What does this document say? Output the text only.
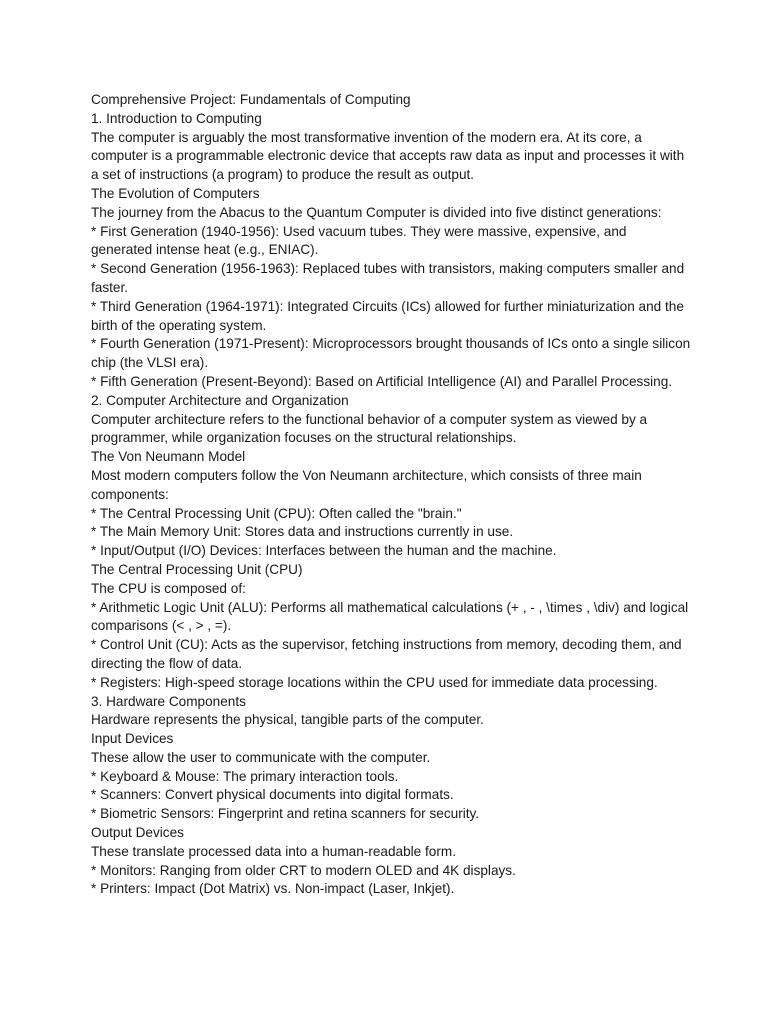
Comprehensive Project: Fundamentals of Computing

1. Introduction to Computing

The computer is arguably the most transformative invention of the modern era. At its core, a computer is a programmable electronic device that accepts raw data as input and processes it with a set of instructions (a program) to produce the result as output.

The Evolution of Computers

The journey from the Abacus to the Quantum Computer is divided into five distinct generations:

* First Generation (1940-1956): Used vacuum tubes. They were massive, expensive, and generated intense heat (e.g., ENIAC).

* Second Generation (1956-1963): Replaced tubes with transistors, making computers smaller and faster.

* Third Generation (1964-1971): Integrated Circuits (ICs) allowed for further miniaturization and the birth of the operating system.

* Fourth Generation (1971-Present): Microprocessors brought thousands of ICs onto a single silicon chip (the VLSI era).

* Fifth Generation (Present-Beyond): Based on Artificial Intelligence (AI) and Parallel Processing.

2. Computer Architecture and Organization

Computer architecture refers to the functional behavior of a computer system as viewed by a programmer, while organization focuses on the structural relationships.

The Von Neumann Model

Most modern computers follow the Von Neumann architecture, which consists of three main components:

* The Central Processing Unit (CPU): Often called the "brain."

* The Main Memory Unit: Stores data and instructions currently in use.

* Input/Output (I/O) Devices: Interfaces between the human and the machine.

The Central Processing Unit (CPU)

The CPU is composed of:

* Arithmetic Logic Unit (ALU): Performs all mathematical calculations (+ , - , \times , \div) and logical comparisons (< , > , =).

* Control Unit (CU): Acts as the supervisor, fetching instructions from memory, decoding them, and directing the flow of data.

* Registers: High-speed storage locations within the CPU used for immediate data processing.

3. Hardware Components

Hardware represents the physical, tangible parts of the computer.

Input Devices

These allow the user to communicate with the computer.

* Keyboard & Mouse: The primary interaction tools.

* Scanners: Convert physical documents into digital formats.

* Biometric Sensors: Fingerprint and retina scanners for security.

Output Devices

These translate processed data into a human-readable form.

* Monitors: Ranging from older CRT to modern OLED and 4K displays.

* Printers: Impact (Dot Matrix) vs. Non-impact (Laser, Inkjet).
